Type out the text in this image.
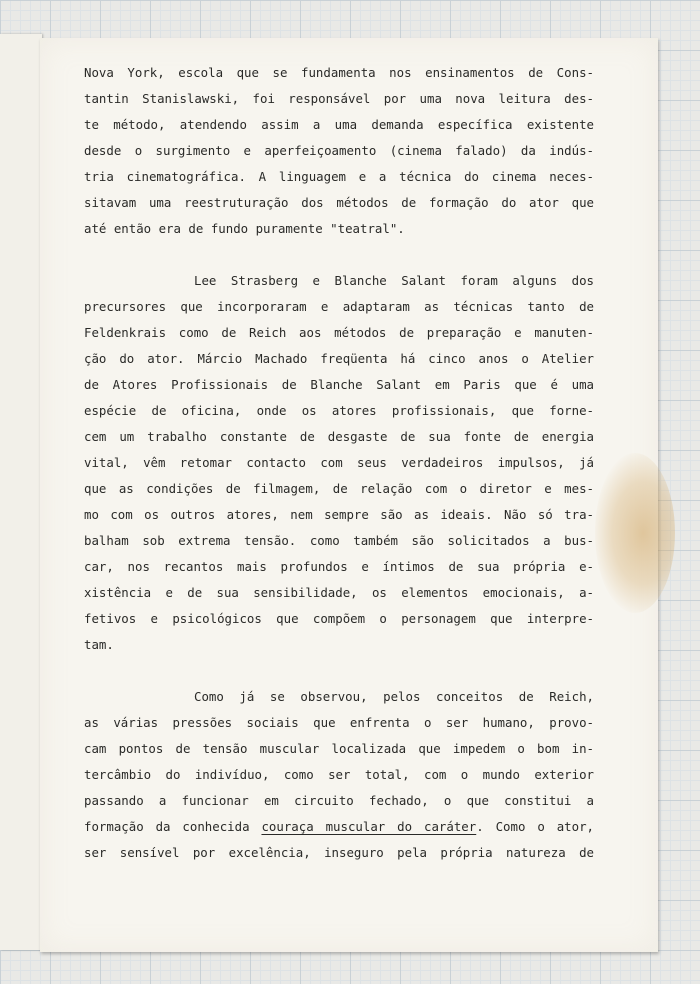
Nova York, escola que se fundamenta nos ensinamentos de Cons-
tantin Stanislawski, foi responsável por uma nova leitura des-
te método, atendendo assim a uma demanda específica existente
desde o surgimento e aperfeiçoamento (cinema falado) da indús-
tria cinematográfica. A linguagem e a técnica do cinema neces-
sitavam uma reestruturação dos métodos de formação do ator que
até então era de fundo puramente "teatral".
Lee Strasberg e Blanche Salant foram alguns dos
precursores que incorporaram e adaptaram as técnicas tanto de
Feldenkrais como de Reich aos métodos de preparação e manuten-
ção do ator. Márcio Machado freqüenta há cinco anos o Atelier
de Atores Profissionais de Blanche Salant em Paris que é uma
espécie de oficina, onde os atores profissionais, que forne-
cem um trabalho constante de desgaste de sua fonte de energia
vital, vêm retomar contacto com seus verdadeiros impulsos, já
que as condições de filmagem, de relação com o diretor e mes-
mo com os outros atores, nem sempre são as ideais. Não só tra-
balham sob extrema tensão. como também são solicitados a bus-
car, nos recantos mais profundos e íntimos de sua própria e-
xistência e de sua sensibilidade, os elementos emocionais, a-
fetivos e psicológicos que compõem o personagem que interpre-
tam.
Como já se observou, pelos conceitos de Reich,
as várias pressões sociais que enfrenta o ser humano, provo-
cam pontos de tensão muscular localizada que impedem o bom in-
tercâmbio do indivíduo, como ser total, com o mundo exterior
passando a funcionar em circuito fechado, o que constitui a
formação da conhecida couraça muscular do caráter. Como o ator,
ser sensível por excelência, inseguro pela própria natureza de
